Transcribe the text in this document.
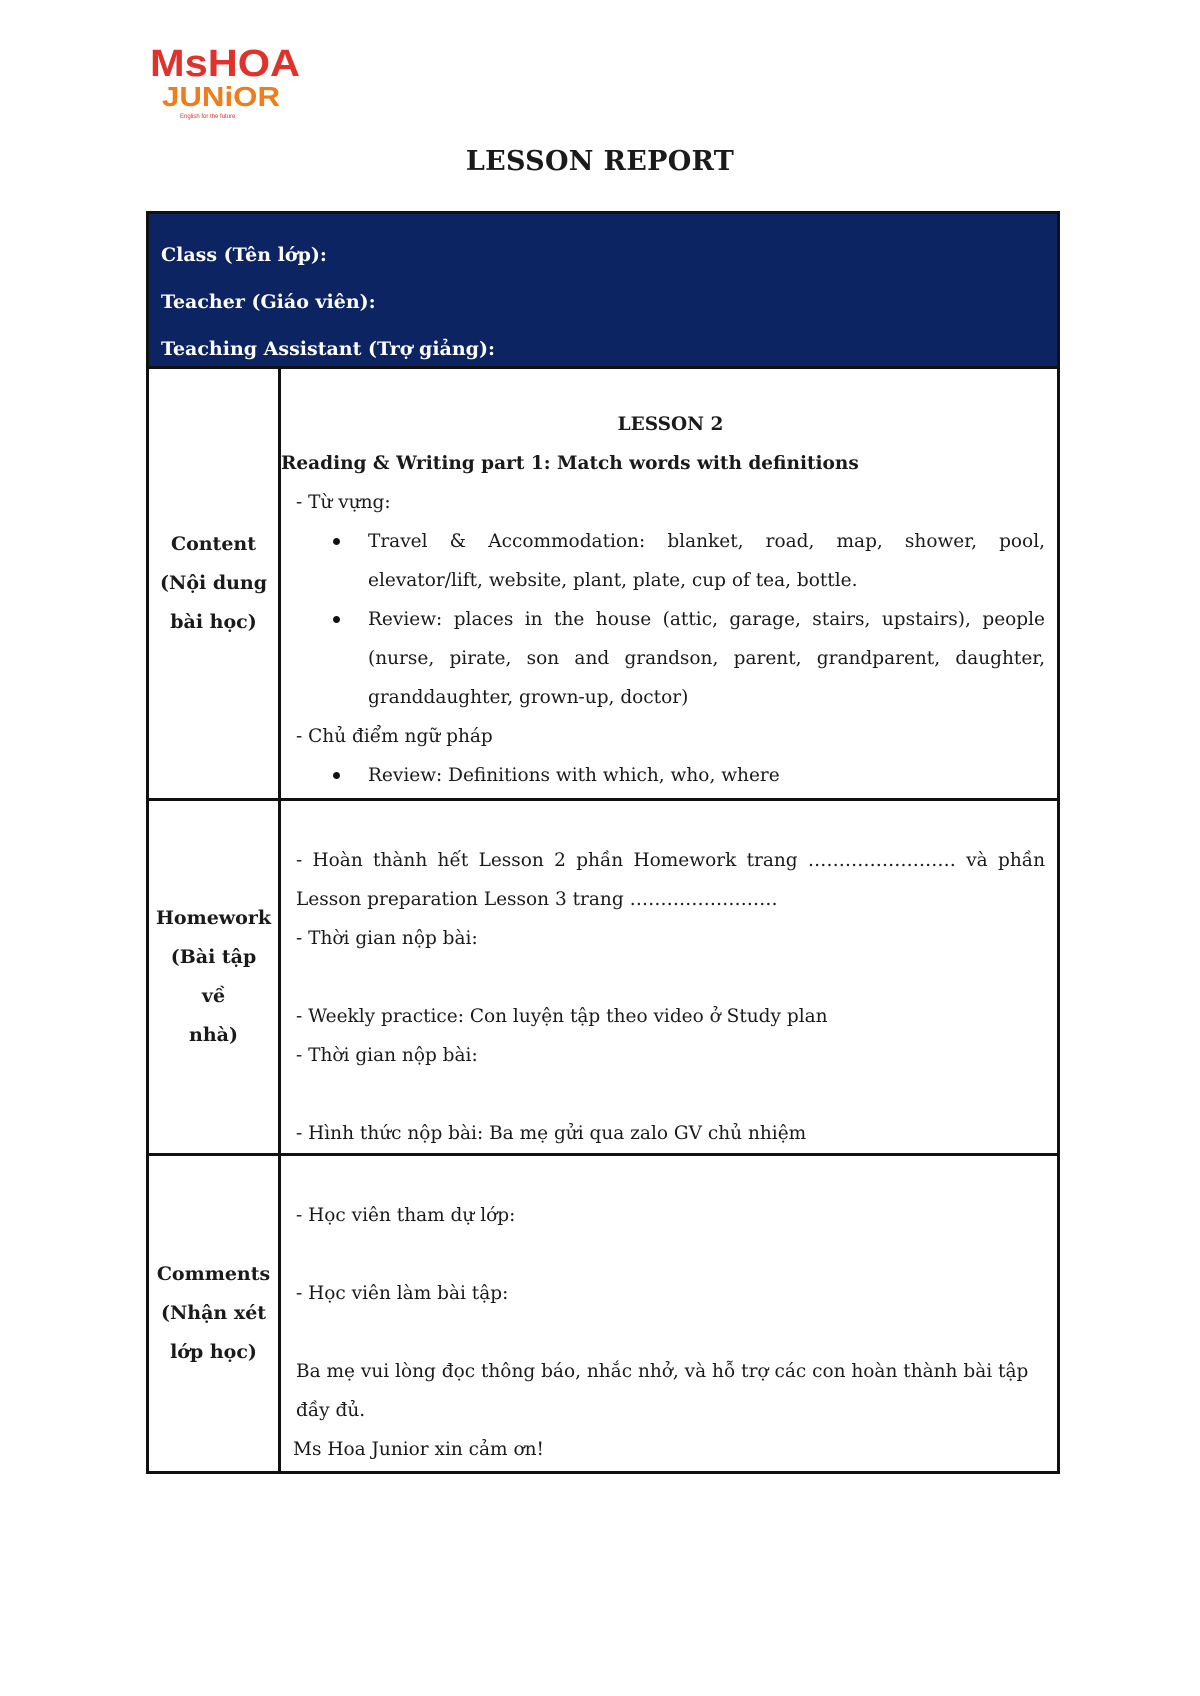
MsHOA
JUNiOR
English for the future
LESSON REPORT
Class (Tên lớp):
Teacher (Giáo viên):
Teaching Assistant (Trợ giảng):
Content
(Nội dung
bài học)
LESSON 2
Reading & Writing part 1: Match words with definitions
- Từ vựng:
Travel & Accommodation: blanket, road, map, shower, pool, elevator/lift, website, plant, plate, cup of tea, bottle.
Review: places in the house (attic, garage, stairs, upstairs), people (nurse, pirate, son and grandson, parent, grandparent, daughter, granddaughter, grown-up, doctor)
- Chủ điểm ngữ pháp
Review: Definitions with which, who, where
Homework
(Bài tập về
nhà)
- Hoàn thành hết Lesson 2 phần Homework trang …………………… và phần Lesson preparation Lesson 3 trang ……………………
- Thời gian nộp bài:
- Weekly practice: Con luyện tập theo video ở Study plan
- Thời gian nộp bài:
- Hình thức nộp bài: Ba mẹ gửi qua zalo GV chủ nhiệm
Comments
(Nhận xét
lớp học)
- Học viên tham dự lớp:
- Học viên làm bài tập:
Ba mẹ vui lòng đọc thông báo, nhắc nhở, và hỗ trợ các con hoàn thành bài tập đầy đủ.
Ms Hoa Junior xin cảm ơn!
